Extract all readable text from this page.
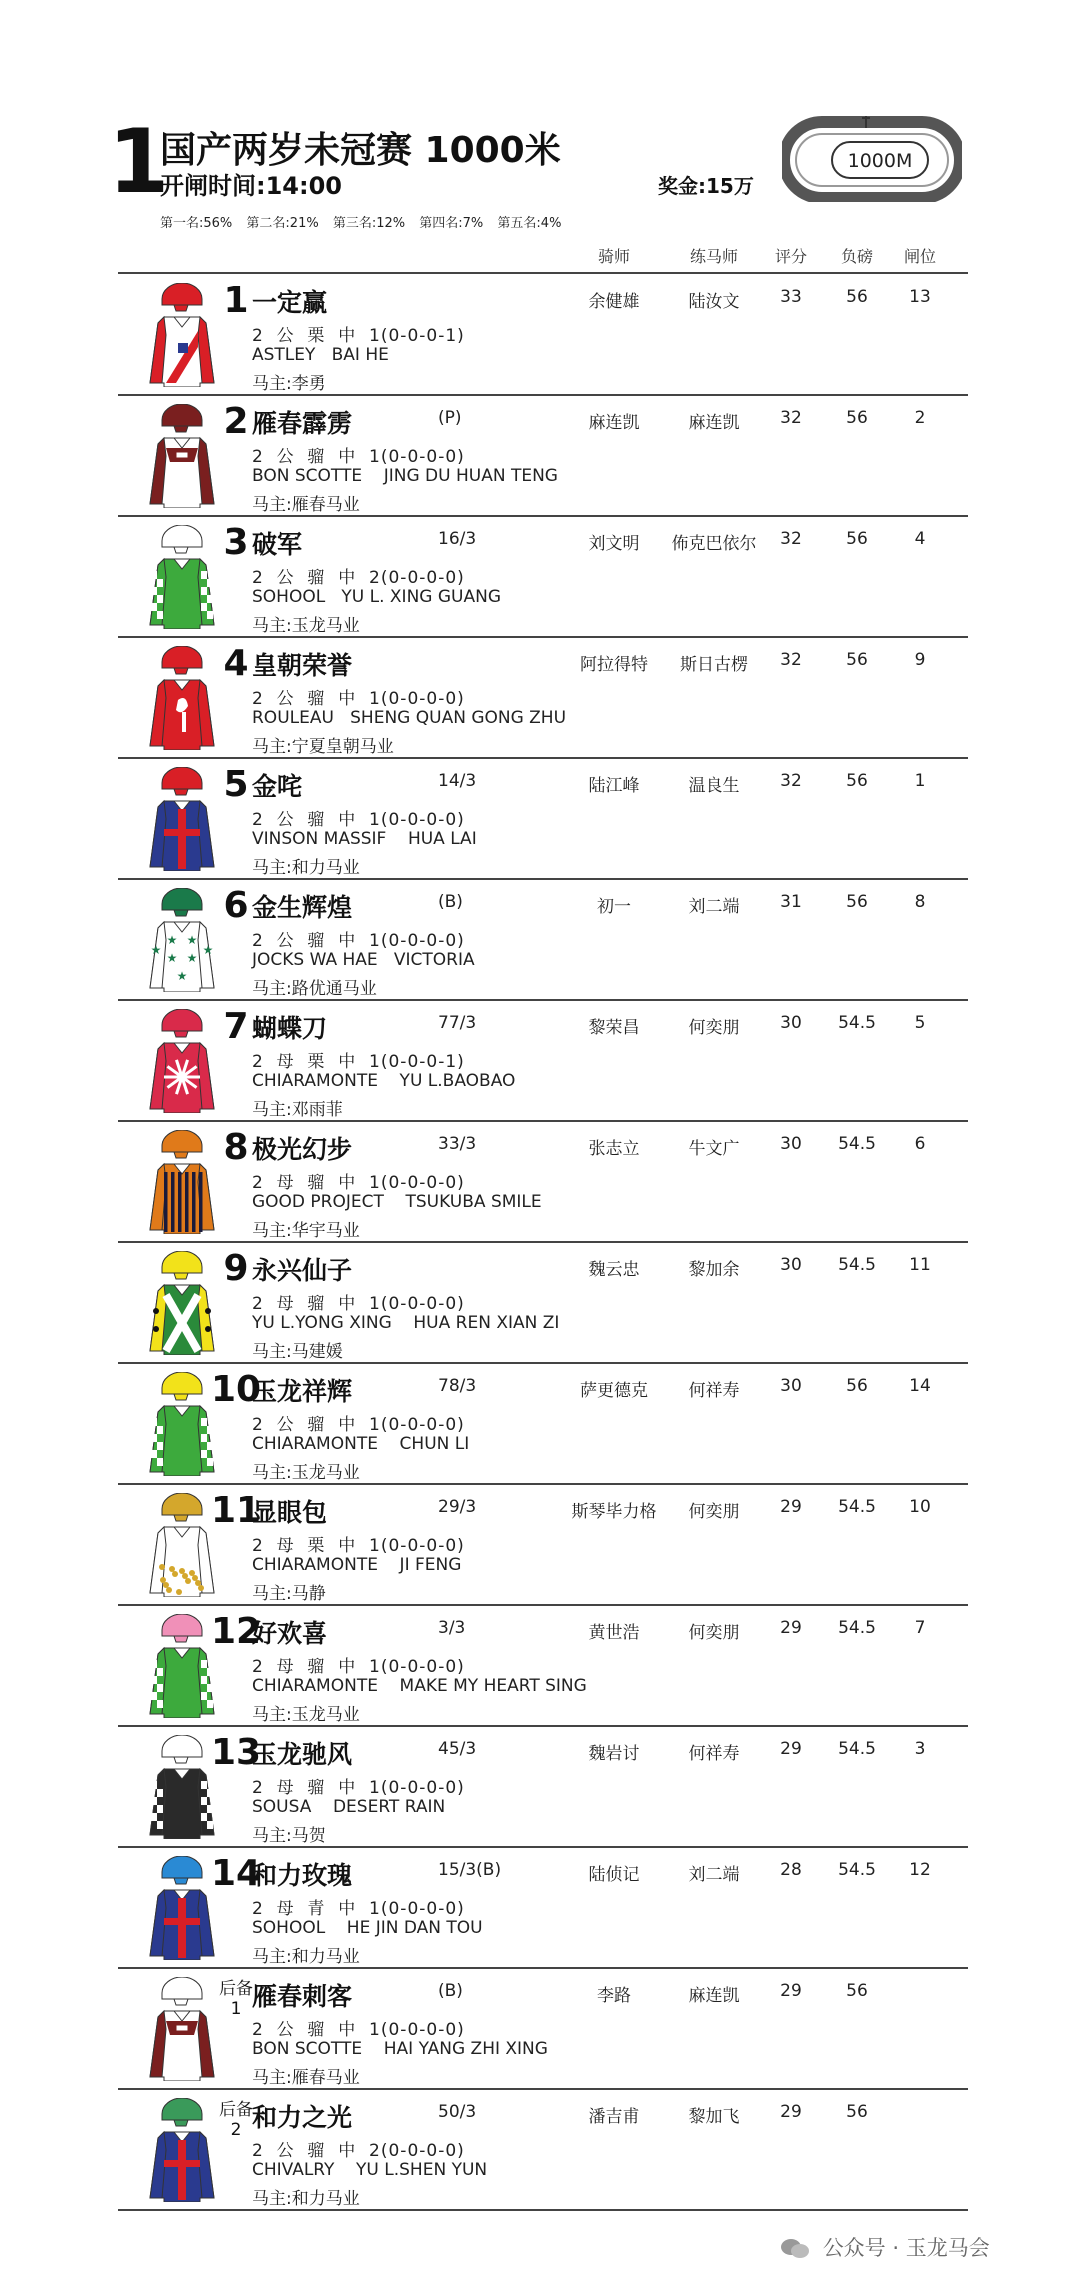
1
国产两岁未冠赛 1000米
开闸时间:14:00	奖金:15万
1000M
第一名:56% 第二名:21% 第三名:12% 第四名:7% 第五名:4%
骑师	练马师	评分	负磅	闸位
1 一定赢
2  公  栗  中  1(0-0-0-1)
ASTLEY   BAI HE
马主:李勇
余健雄	陆汝文	33	56	13
2 雁春霹雳	(P)
2  公  骝  中  1(0-0-0-0)
BON SCOTTE    JING DU HUAN TENG
马主:雁春马业
麻连凯	麻连凯	32	56	2
3 破军	16/3
2  公  骝  中  2(0-0-0-0)
SOHOOL   YU L. XING GUANG
马主:玉龙马业
刘文明	佈克巴依尔	32	56	4
4 皇朝荣誉
2  公  骝  中  1(0-0-0-0)
ROULEAU   SHENG QUAN GONG ZHU
马主:宁夏皇朝马业
阿拉得特	斯日古楞	32	56	9
5 金咤	14/3
2  公  骝  中  1(0-0-0-0)
VINSON MASSIF    HUA LAI
马主:和力马业
陆江峰	温良生	32	56	1
★ ★
★ ★
★
★	★
6 金生辉煌	(B)
2  公  骝  中  1(0-0-0-0)
JOCKS WA HAE   VICTORIA
马主:路优通马业
初一	刘二端	31	56	8
7 蝴蝶刀	77/3
2  母  栗  中  1(0-0-0-1)
CHIARAMONTE    YU L.BAOBAO
马主:邓雨菲
黎荣昌	何奕朋	30	54.5	5
8 极光幻步	33/3
2  母  骝  中  1(0-0-0-0)
GOOD PROJECT    TSUKUBA SMILE
马主:华宇马业
张志立	牛文广	30	54.5	6
9 永兴仙子
2  母  骝  中  1(0-0-0-0)
YU L.YONG XING    HUA REN XIAN ZI
马主:马建媛
魏云忠	黎加余	30	54.5	11
10
玉龙祥辉	78/3
2  公  骝  中  1(0-0-0-0)
CHIARAMONTE    CHUN LI
马主:玉龙马业
萨更德克	何祥寿	30	56	14
11
显眼包	29/3
2  母  栗  中  1(0-0-0-0)
CHIARAMONTE    JI FENG
马主:马静
斯琴毕力格	何奕朋	29	54.5	10
12
好欢喜	3/3
2  母  骝  中  1(0-0-0-0)
CHIARAMONTE    MAKE MY HEART SING
马主:玉龙马业
黄世浩	何奕朋	29	54.5	7
13
玉龙驰风	45/3
2  母  骝  中  1(0-0-0-0)
SOUSA    DESERT RAIN
马主:马贺
魏岩讨	何祥寿	29	54.5	3
14
和力玫瑰	15/3(B)
2  母  青  中  1(0-0-0-0)
SOHOOL    HE JIN DAN TOU
马主:和力马业
陆侦记	刘二端	28	54.5	12
后备
1 雁春刺客	(B)
2  公  骝  中  1(0-0-0-0)
BON SCOTTE    HAI YANG ZHI XING
马主:雁春马业
李路	麻连凯	29	56
后备
2 和力之光	50/3
2  公  骝  中  2(0-0-0-0)
CHIVALRY    YU L.SHEN YUN
马主:和力马业
潘吉甫	黎加飞	29	56
公众号 · 玉龙马会
